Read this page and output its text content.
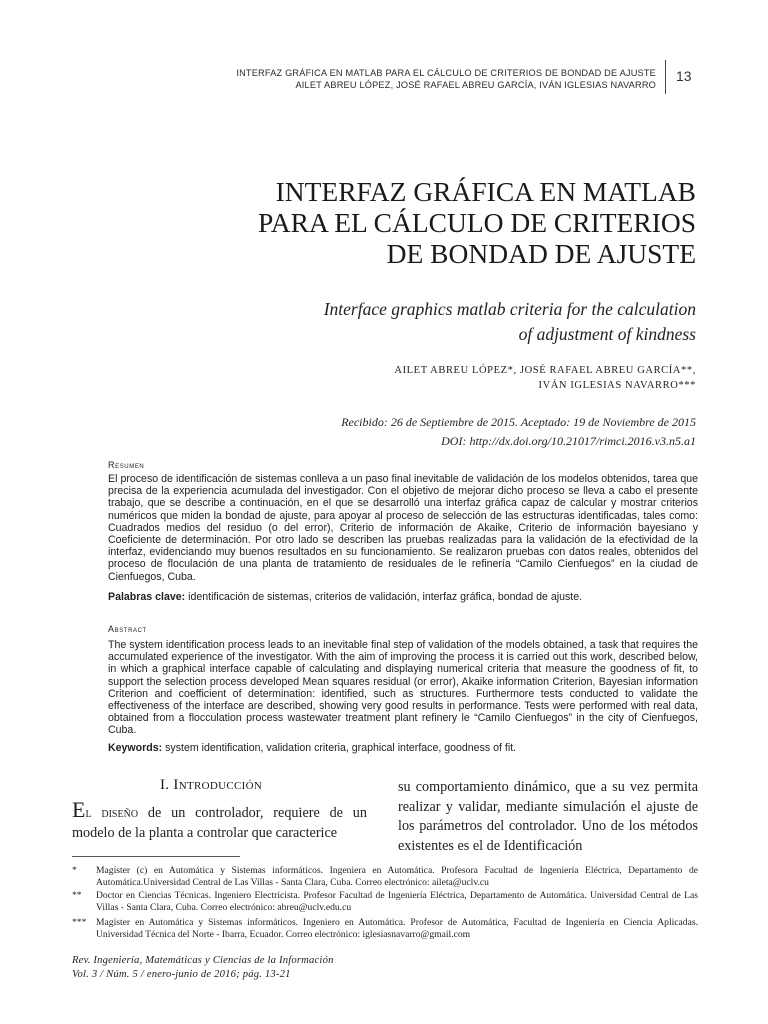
INTERFAZ GRÁFICA EN MATLAB PARA EL CÁLCULO DE CRITERIOS DE BONDAD DE AJUSTE
AILET ABREU LÓPEZ, JOSÉ RAFAEL ABREU GARCÍA, IVÁN IGLESIAS NAVARRO
13
INTERFAZ GRÁFICA EN MATLAB
PARA EL CÁLCULO DE CRITERIOS
DE BONDAD DE AJUSTE
Interface graphics matlab criteria for the calculation
of adjustment of kindness
AILET ABREU LÓPEZ*, JOSÉ RAFAEL ABREU GARCÍA**,
IVÁN IGLESIAS NAVARRO***
Recibido: 26 de Septiembre de 2015. Aceptado: 19 de Noviembre de 2015
DOI: http://dx.doi.org/10.21017/rimci.2016.v3.n5.a1
Resumen
El proceso de identificación de sistemas conlleva a un paso final inevitable de validación de los modelos obtenidos, tarea que precisa de la experiencia acumulada del investigador. Con el objetivo de mejorar dicho proceso se lleva a cabo el presente trabajo, que se describe a continuación, en el que se desarrolló una interfaz gráfica capaz de calcular y mostrar criterios numéricos que miden la bondad de ajuste, para apoyar al proceso de selección de las estructuras identificadas, tales como: Cuadrados medios del residuo (o del error), Criterio de información de Akaike, Criterio de información bayesiano y Coeficiente de determinación. Por otro lado se describen las pruebas realizadas para la validación de la efectividad de la interfaz, evidenciando muy buenos resultados en su funcionamiento. Se realizaron pruebas con datos reales, obtenidos del proceso de floculación de una planta de tratamiento de residuales de le refinería “Camilo Cienfuegos” en la ciudad de Cienfuegos, Cuba.
Palabras clave: identificación de sistemas, criterios de validación, interfaz gráfica, bondad de ajuste.
Abstract
The system identification process leads to an inevitable final step of validation of the models obtained, a task that requires the accumulated experience of the investigator. With the aim of improving the process it is carried out this work, described below, in which a graphical interface capable of calculating and displaying numerical criteria that measure the goodness of fit, to support the selection process developed Mean squares residual (or error), Akaike information Criterion, Bayesian information Criterion and coefficient of determination: identified, such as structures. Furthermore tests conducted to validate the effectiveness of the interface are described, showing very good results in performance. Tests were performed with real data, obtained from a flocculation process wastewater treatment plant refinery le “Camilo Cienfuegos” in the city of Cienfuegos, Cuba.
Keywords: system identification, validation criteria, graphical interface, goodness of fit.
I. Introducción
El diseño de un controlador, requiere de un modelo de la planta a controlar que caracterice
su comportamiento dinámico, que a su vez permita realizar y validar, mediante simulación el ajuste de los parámetros del controlador. Uno de los métodos existentes es el de Identificación
* Magíster (c) en Automática y Sistemas informáticos. Ingeniera en Automática. Profesora Facultad de Ingeniería Eléctrica, Departamento de Automática.Universidad Central de Las Villas - Santa Clara, Cuba. Correo electrónico: aileta@uclv.cu
** Doctor en Ciencias Técnicas. Ingeniero Electricista. Profesor Facultad de Ingeniería Eléctrica, Departamento de Automática. Universidad Central de Las Villas - Santa Clara, Cuba. Correo electrónico: abreu@uclv.edu.cu
*** Magíster en Automática y Sistemas informáticos. Ingeniero en Automática. Profesor de Automática, Facultad de Ingeniería en Ciencia Aplicadas. Universidad Técnica del Norte - Ibarra, Ecuador. Correo electrónico: iglesiasnavarro@gmail.com
Rev. Ingeniería, Matemáticas y Ciencias de la Información
Vol. 3 / Núm. 5 / enero-junio de 2016; pág. 13-21
